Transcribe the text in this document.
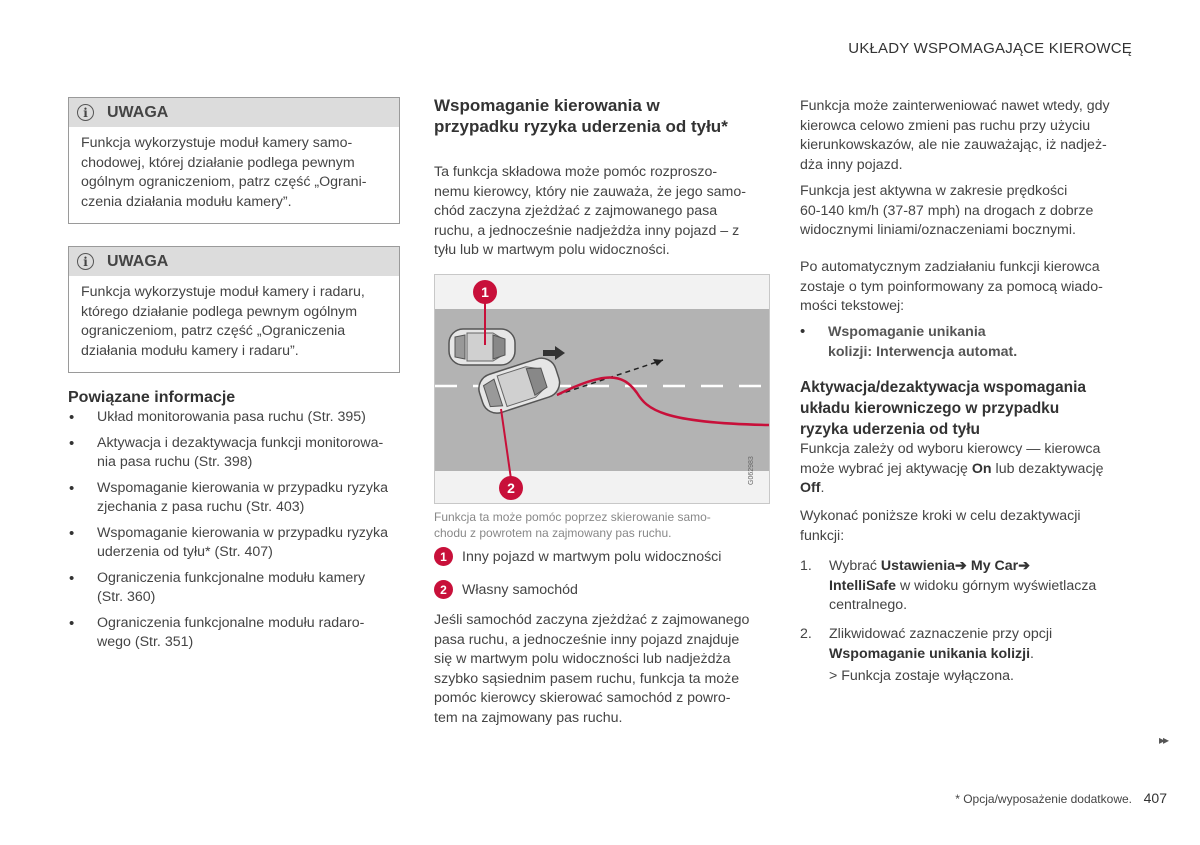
UKŁADY WSPOMAGAJĄCE KIEROWCĘ
i	UWAGA
Funkcja wykorzystuje moduł kamery samo-
chodowej, której działanie podlega pewnym
ogólnym ograniczeniom, patrz część „Ograni-
czenia działania modułu kamery”.
i	UWAGA
Funkcja wykorzystuje moduł kamery i radaru,
którego działanie podlega pewnym ogólnym
ograniczeniom, patrz część „Ograniczenia
działania modułu kamery i radaru”.
Powiązane informacje
• Układ monitorowania pasa ruchu (Str. 395)
• Aktywacja i dezaktywacja funkcji monitorowa-
nia pasa ruchu (Str. 398)
• Wspomaganie kierowania w przypadku ryzyka
zjechania z pasa ruchu (Str. 403)
• Wspomaganie kierowania w przypadku ryzyka
uderzenia od tyłu* (Str. 407)
• Ograniczenia funkcjonalne modułu kamery
(Str. 360)
• Ograniczenia funkcjonalne modułu radaro-
wego (Str. 351)
Wspomaganie kierowania w
przypadku ryzyka uderzenia od tyłu*
Ta funkcja składowa może pomóc rozproszo-
nemu kierowcy, który nie zauważa, że jego samo-
chód zaczyna zjeżdżać z zajmowanego pasa
ruchu, a jednocześnie nadjeżdża inny pojazd – z
tyłu lub w martwym polu widoczności.
1
2
G062983
Funkcja ta może pomóc poprzez skierowanie samo-
chodu z powrotem na zajmowany pas ruchu.
1	Inny pojazd w martwym polu widoczności
2	Własny samochód
Jeśli samochód zaczyna zjeżdżać z zajmowanego
pasa ruchu, a jednocześnie inny pojazd znajduje
się w martwym polu widoczności lub nadjeżdża
szybko sąsiednim pasem ruchu, funkcja ta może
pomóc kierowcy skierować samochód z powro-
tem na zajmowany pas ruchu.
Funkcja może zainterweniować nawet wtedy, gdy
kierowca celowo zmieni pas ruchu przy użyciu
kierunkowskazów, ale nie zauważając, iż nadjeż-
dża inny pojazd.
Funkcja jest aktywna w zakresie prędkości
60-140 km/h (37-87 mph) na drogach z dobrze
widocznymi liniami/oznaczeniami bocznymi.
Po automatycznym zadziałaniu funkcji kierowca
zostaje o tym poinformowany za pomocą wiado-
mości tekstowej:
•	Wspomaganie unikania
kolizji: Interwencja automat.
Aktywacja/dezaktywacja wspomagania
układu kierowniczego w przypadku
ryzyka uderzenia od tyłu
Funkcja zależy od wyboru kierowcy — kierowca
może wybrać jej aktywację On lub dezaktywację
Off.
Wykonać poniższe kroki w celu dezaktywacji
funkcji:
1.	Wybrać Ustawienia➔ My Car➔
IntelliSafe w widoku górnym wyświetlacza
centralnego.
2.	Zlikwidować zaznaczenie przy opcji
Wspomaganie unikania kolizji.
> Funkcja zostaje wyłączona.
▸▸
* Opcja/wyposażenie dodatkowe. 407
